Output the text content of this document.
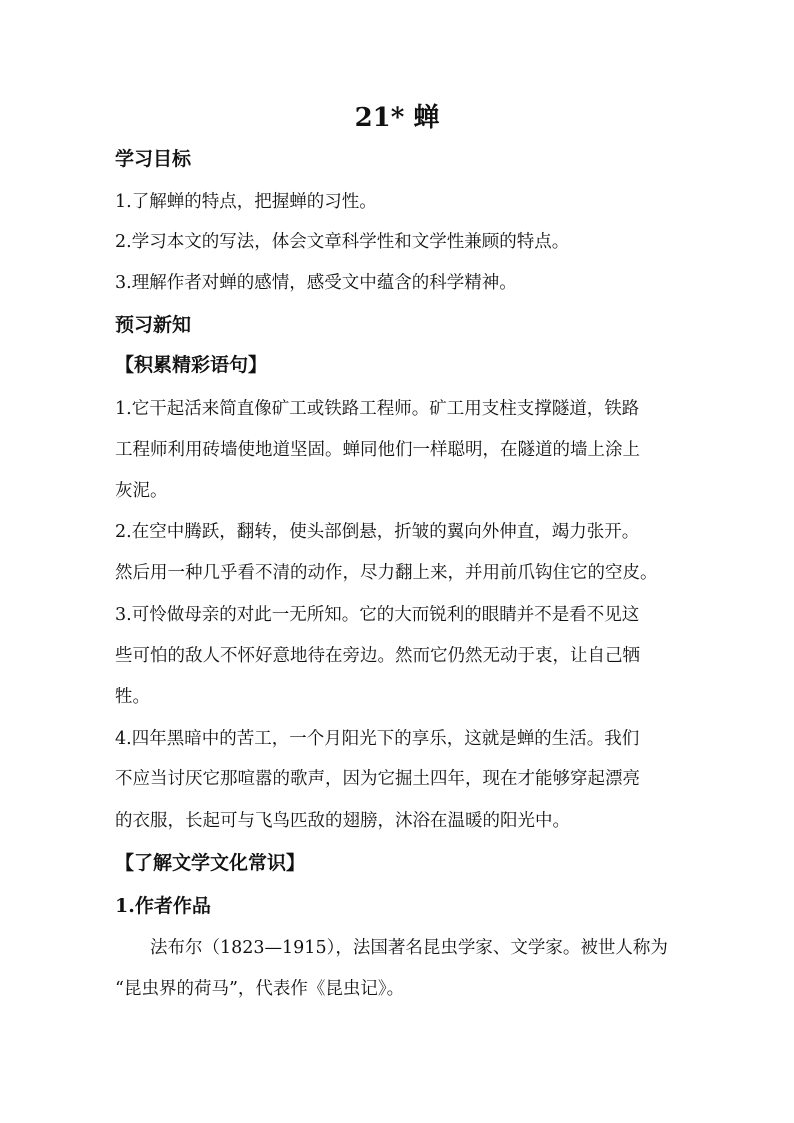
21* 蝉
学习目标
1.了解蝉的特点，把握蝉的习性。
2.学习本文的写法，体会文章科学性和文学性兼顾的特点。
3.理解作者对蝉的感情，感受文中蕴含的科学精神。
预习新知
【积累精彩语句】
1.它干起活来简直像矿工或铁路工程师。矿工用支柱支撑隧道，铁路
工程师利用砖墙使地道坚固。蝉同他们一样聪明，在隧道的墙上涂上
灰泥。
2.在空中腾跃，翻转，使头部倒悬，折皱的翼向外伸直，竭力张开。
然后用一种几乎看不清的动作，尽力翻上来，并用前爪钩住它的空皮。
3.可怜做母亲的对此一无所知。它的大而锐利的眼睛并不是看不见这
些可怕的敌人不怀好意地待在旁边。然而它仍然无动于衷，让自己牺
牲。
4.四年黑暗中的苦工，一个月阳光下的享乐，这就是蝉的生活。我们
不应当讨厌它那喧嚣的歌声，因为它掘土四年，现在才能够穿起漂亮
的衣服，长起可与飞鸟匹敌的翅膀，沐浴在温暖的阳光中。
【了解文学文化常识】
1.作者作品
法布尔（1823—1915），法国著名昆虫学家、文学家。被世人称为
“昆虫界的荷马”，代表作《昆虫记》。
